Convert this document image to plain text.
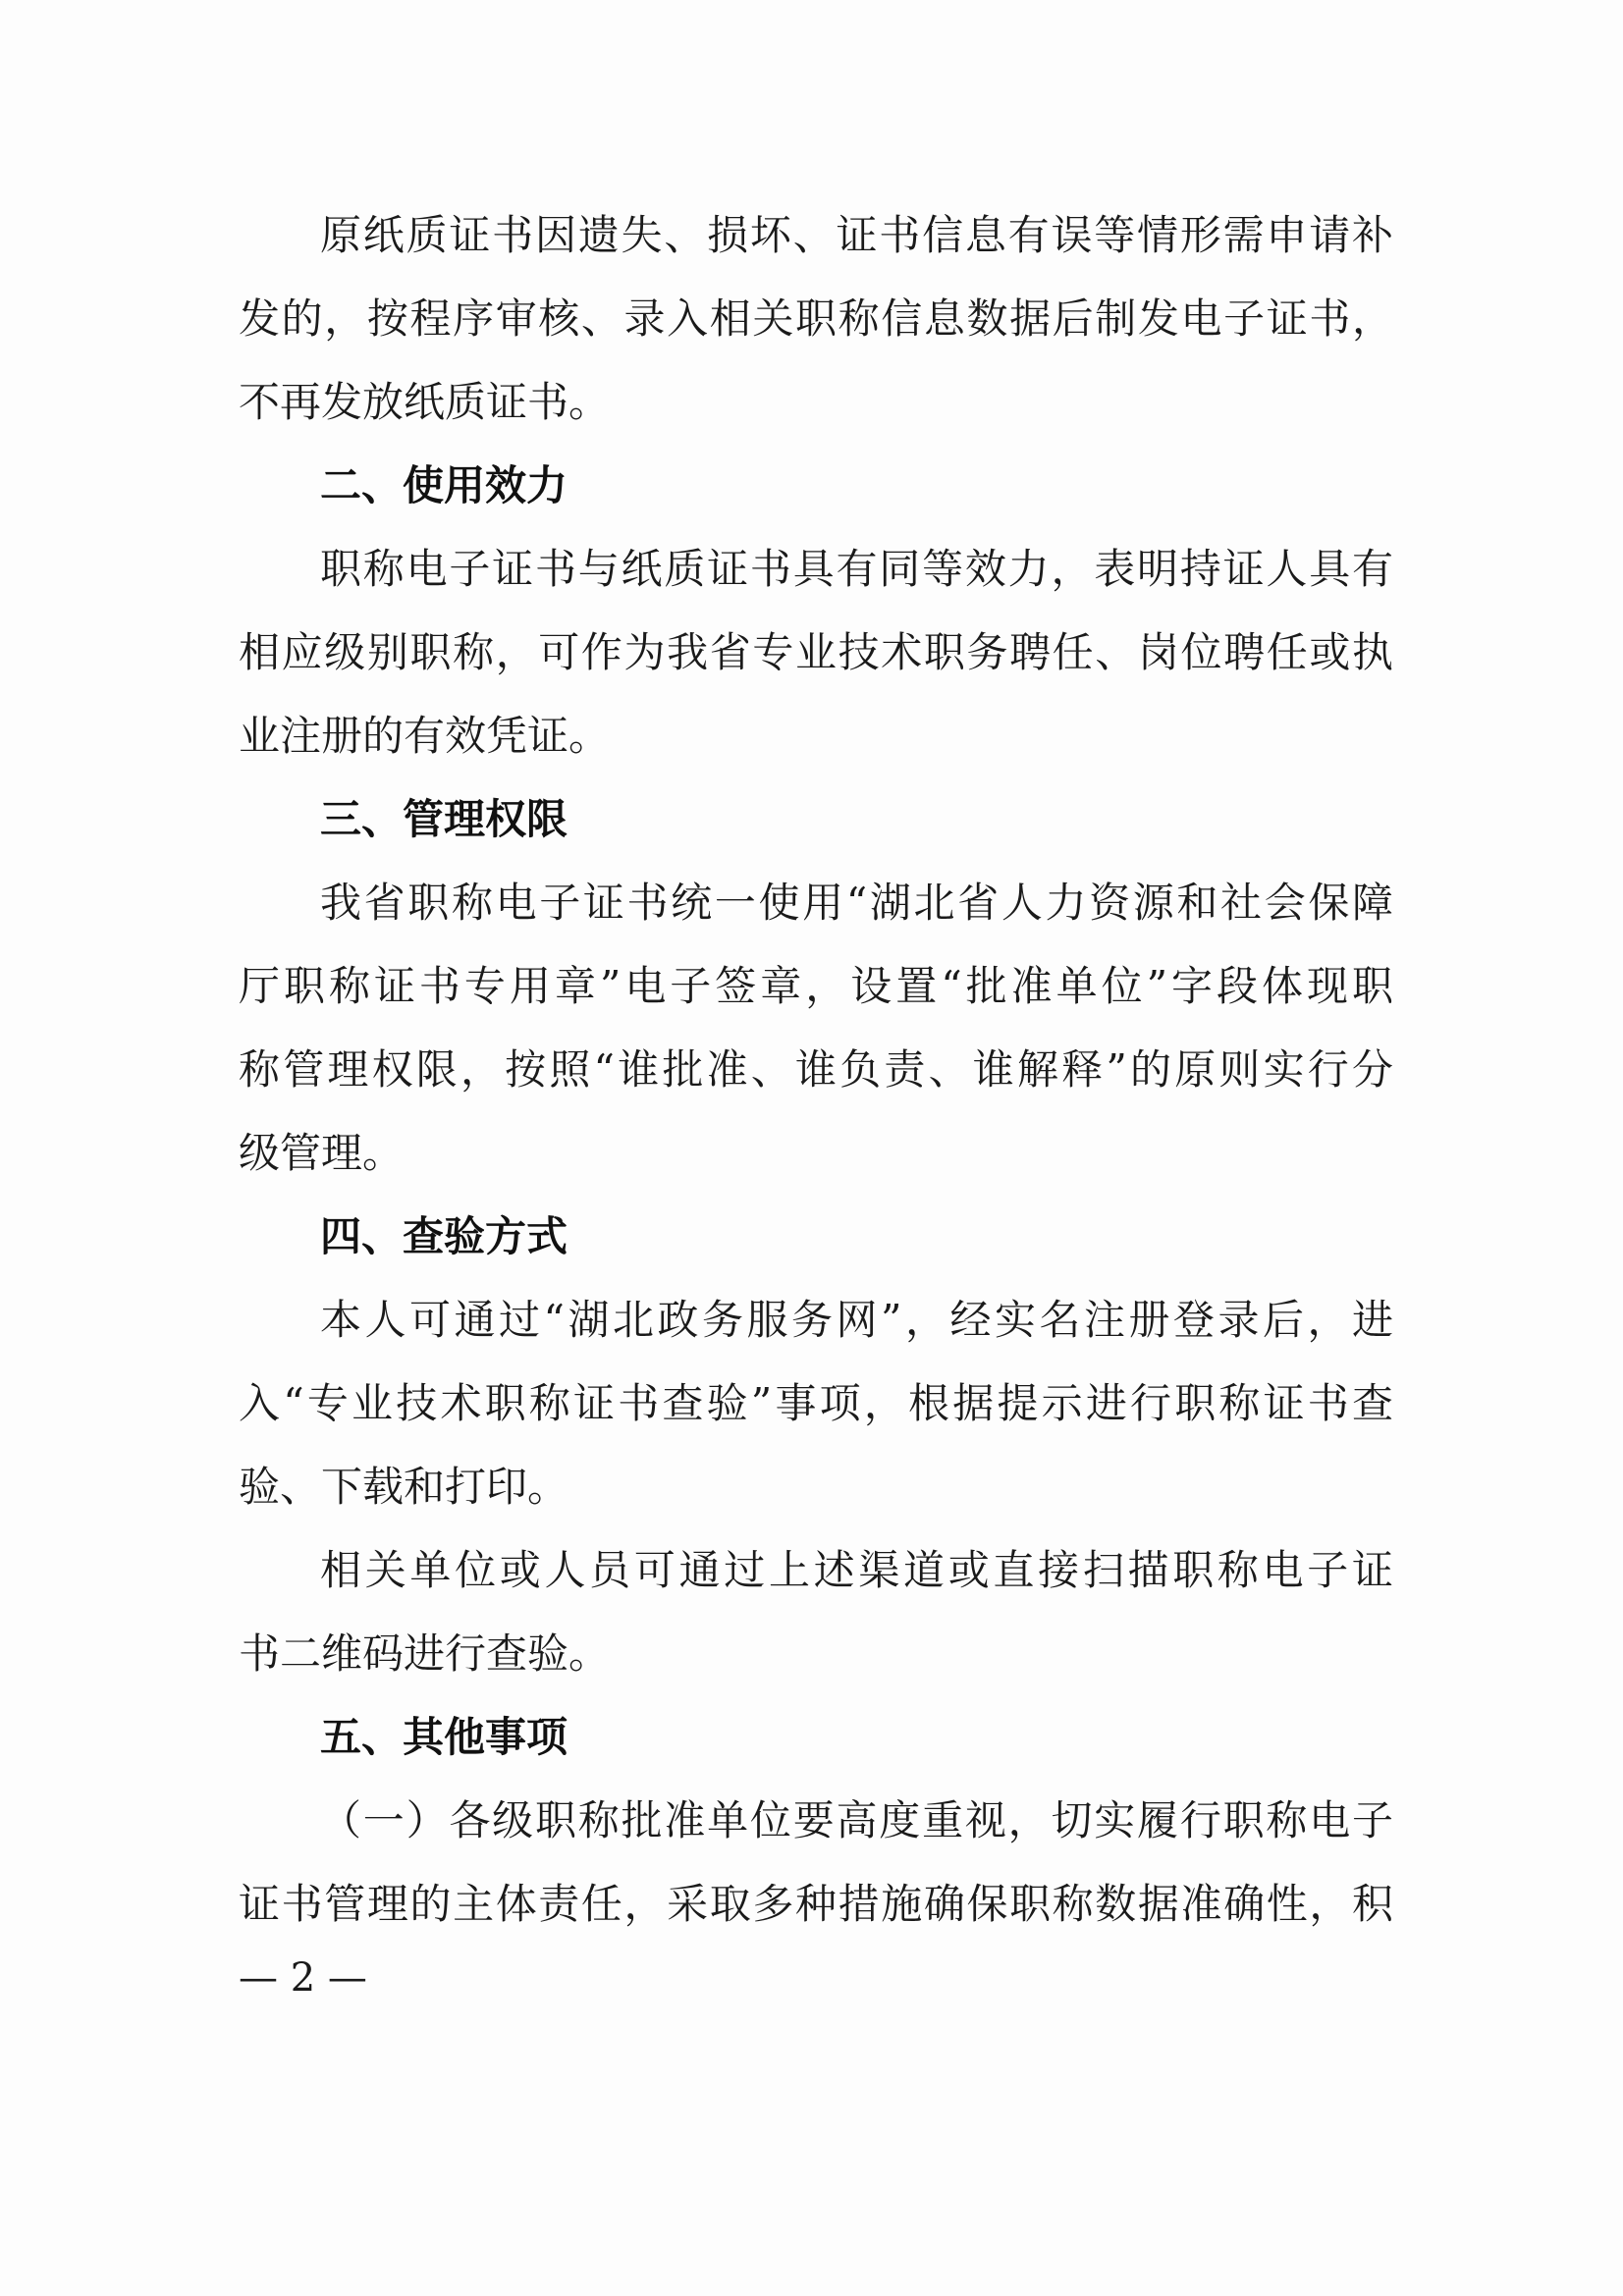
原纸质证书因遗失、损坏、证书信息有误等情形需申请补
发的，按程序审核、录入相关职称信息数据后制发电子证书，
不再发放纸质证书。
二、使用效力
职称电子证书与纸质证书具有同等效力，表明持证人具有
相应级别职称，可作为我省专业技术职务聘任、岗位聘任或执
业注册的有效凭证。
三、管理权限
我省职称电子证书统一使用“湖北省人力资源和社会保障
厅职称证书专用章”电子签章，设置“批准单位”字段体现职
称管理权限，按照“谁批准、谁负责、谁解释”的原则实行分
级管理。
四、查验方式
本人可通过“湖北政务服务网”，经实名注册登录后，进
入“专业技术职称证书查验”事项，根据提示进行职称证书查
验、下载和打印。
相关单位或人员可通过上述渠道或直接扫描职称电子证
书二维码进行查验。
五、其他事项
（一）各级职称批准单位要高度重视，切实履行职称电子
证书管理的主体责任，采取多种措施确保职称数据准确性，积
— 2 —
